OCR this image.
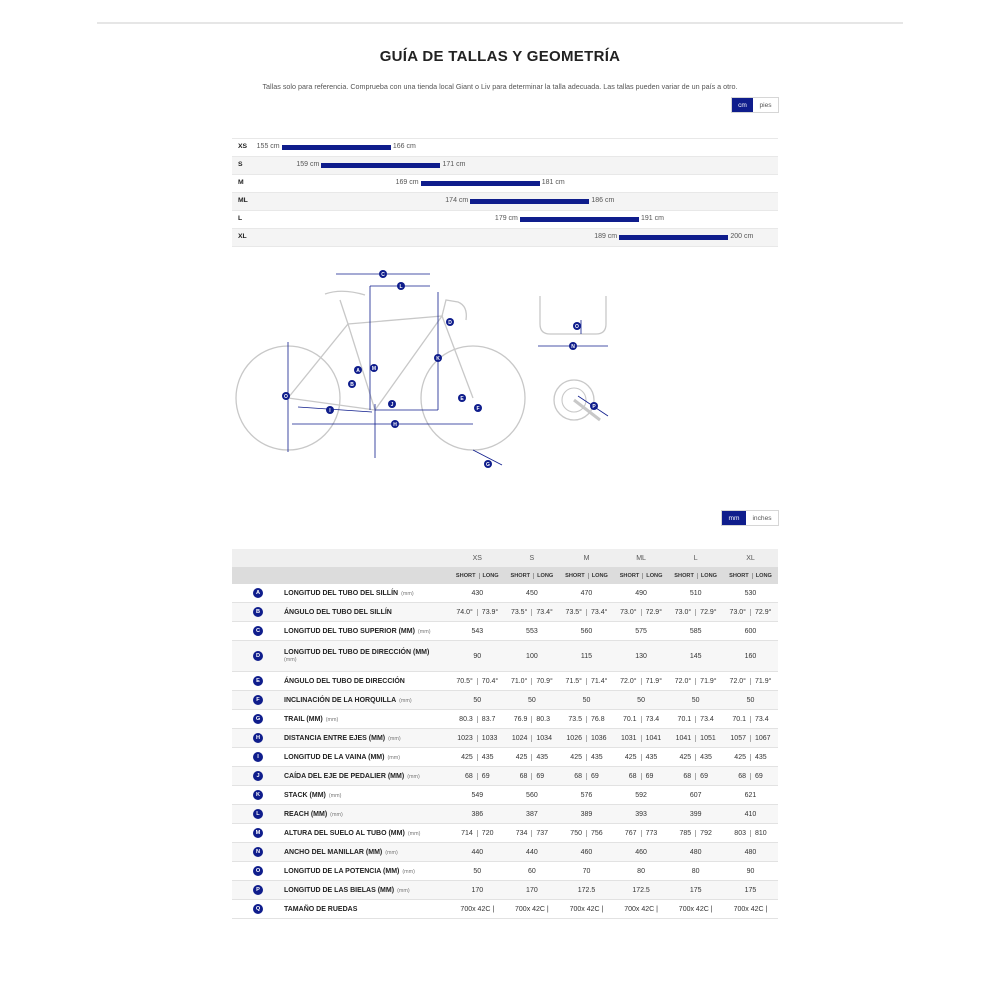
GUÍA DE TALLAS Y GEOMETRÍA
Tallas solo para referencia. Comprueba con una tienda local Giant o Liv para determinar la talla adecuada. Las tallas pueden variar de un país a otro.
cm	pies
XS 155 cm	166 cm
S	159 cm	171 cm
M	169 cm	181 cm
ML	174 cm	186 cm
L	179 cm	191 cm
XL	189 cm	200 cm
A
B
C
D
E
F
G
H
I
J
K
L
M
O
N
O
P
mm	inches
		XS	S	M	ML	L	XL
		SHORT LONG	SHORT LONG	SHORT LONG	SHORT LONG	SHORT LONG	SHORT LONG
A	LONGITUD DEL TUBO DEL SILLÍN (mm)	430	450	470	490	510	530
B	ÁNGULO DEL TUBO DEL SILLÍN	74.0° 73.9°	73.5° 73.4°	73.5° 73.4°	73.0° 72.9°	73.0° 72.9°	73.0° 72.9°

C	LONGITUD DEL TUBO SUPERIOR (MM) (mm)	543	553	560	575	585	600
D	LONGITUD DEL TUBO DE DIRECCIÓN (MM)
(mm)	90	100	115	130	145	160
E	ÁNGULO DEL TUBO DE DIRECCIÓN	70.5° 70.4°	71.0° 70.9°	71.5° 71.4°	72.0° 71.9°	72.0° 71.9°	72.0° 71.9°

F	INCLINACIÓN DE LA HORQUILLA (mm)	50	50	50	50	50	50
G	TRAIL (MM) (mm)	80.3 83.7	76.9 80.3	73.5 76.8	70.1 73.4	70.1 73.4	70.1 73.4

H	DISTANCIA ENTRE EJES (MM) (mm)	1023 1033	1024 1034	1026 1036	1031 1041	1041 1051	1057 1067

I	LONGITUD DE LA VAINA (MM) (mm)	425 435	425 435	425 435	425 435	425 435	425 435

J	CAÍDA DEL EJE DE PEDALIER (MM) (mm)	68 69	68 69	68 69	68 69	68 69	68 69

K	STACK (MM) (mm)	549	560	576	592	607	621
L	REACH (MM) (mm)	386	387	389	393	399	410
M	ALTURA DEL SUELO AL TUBO (MM) (mm)	714 720	734 737	750 756	767 773	785 792	803 810

N	ANCHO DEL MANILLAR (MM) (mm)	440	440	460	460	480	480
O	LONGITUD DE LA POTENCIA (MM) (mm)	50	60	70	80	80	90
P	LONGITUD DE LAS BIELAS (MM) (mm)	170	170	172.5	172.5	175	175
Q	TAMAÑO DE RUEDAS	700x 42C |	700x 42C |	700x 42C |	700x 42C |	700x 42C |	700x 42C |
